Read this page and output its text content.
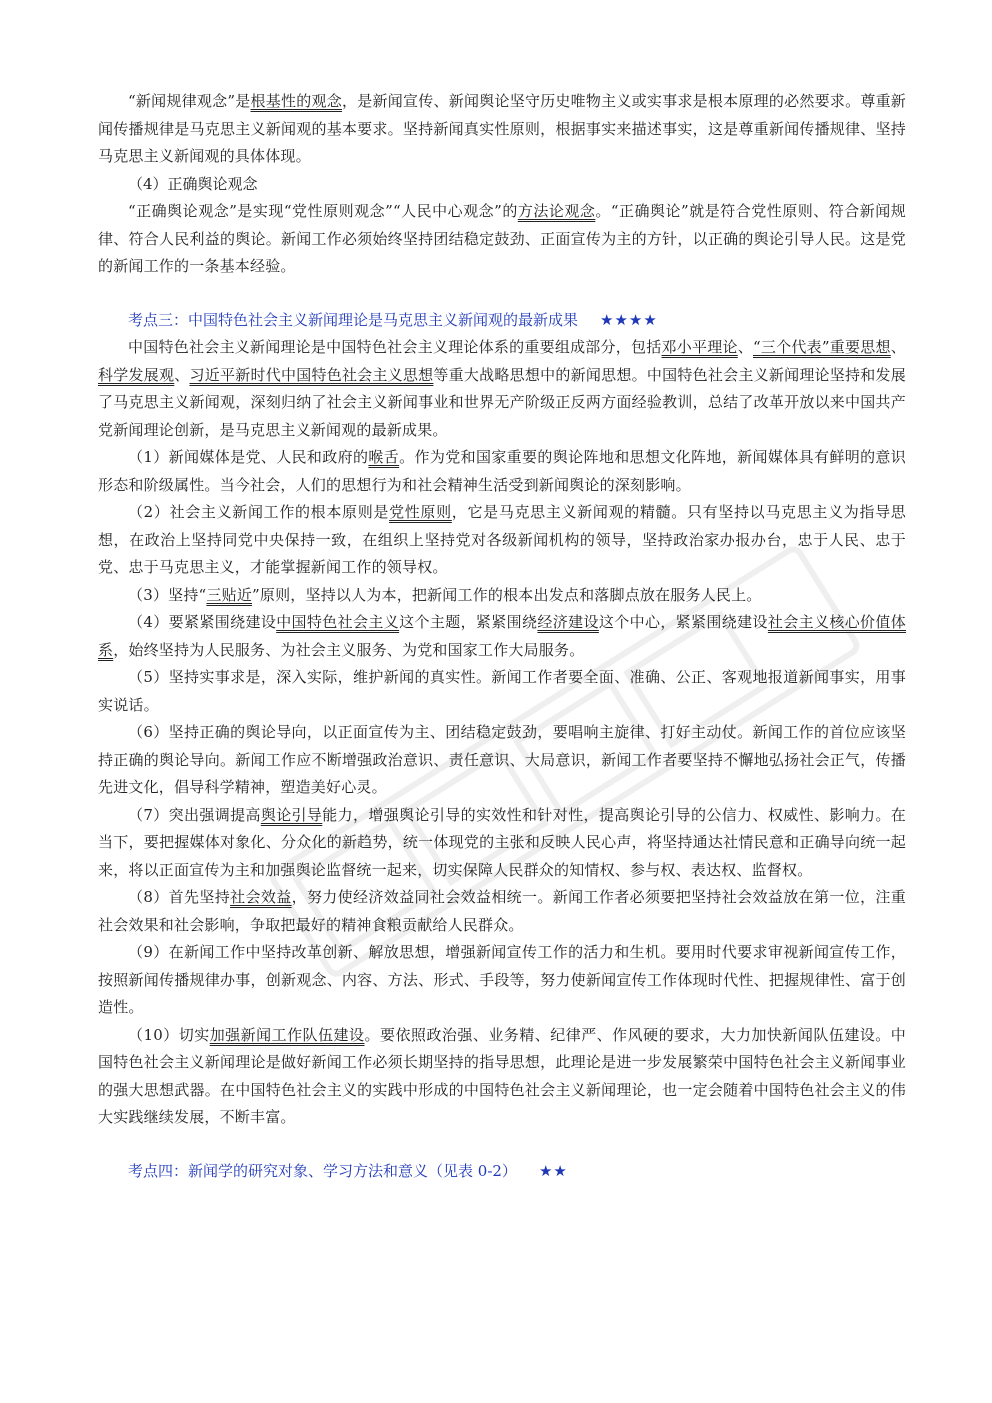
“新闻规律观念”是根基性的观念，是新闻宣传、新闻舆论坚守历史唯物主义或实事求是根本原理的必然要求。尊重新闻传播规律是马克思主义新闻观的基本要求。坚持新闻真实性原则，根据事实来描述事实，这是尊重新闻传播规律、坚持马克思主义新闻观的具体体现。

（4）正确舆论观念

“正确舆论观念”是实现“党性原则观念”“人民中心观念”的方法论观念。“正确舆论”就是符合党性原则、符合新闻规律、符合人民利益的舆论。新闻工作必须始终坚持团结稳定鼓劲、正面宣传为主的方针，以正确的舆论引导人民。这是党的新闻工作的一条基本经验。

考点三：中国特色社会主义新闻理论是马克思主义新闻观的最新成果 ★★★★

中国特色社会主义新闻理论是中国特色社会主义理论体系的重要组成部分，包括邓小平理论、“三个代表”重要思想、科学发展观、习近平新时代中国特色社会主义思想等重大战略思想中的新闻思想。中国特色社会主义新闻理论坚持和发展了马克思主义新闻观，深刻归纳了社会主义新闻事业和世界无产阶级正反两方面经验教训，总结了改革开放以来中国共产党新闻理论创新，是马克思主义新闻观的最新成果。

（1）新闻媒体是党、人民和政府的喉舌。作为党和国家重要的舆论阵地和思想文化阵地，新闻媒体具有鲜明的意识形态和阶级属性。当今社会，人们的思想行为和社会精神生活受到新闻舆论的深刻影响。

（2）社会主义新闻工作的根本原则是党性原则，它是马克思主义新闻观的精髓。只有坚持以马克思主义为指导思想，在政治上坚持同党中央保持一致，在组织上坚持党对各级新闻机构的领导，坚持政治家办报办台，忠于人民、忠于党、忠于马克思主义，才能掌握新闻工作的领导权。

（3）坚持“三贴近”原则，坚持以人为本，把新闻工作的根本出发点和落脚点放在服务人民上。

（4）要紧紧围绕建设中国特色社会主义这个主题，紧紧围绕经济建设这个中心，紧紧围绕建设社会主义核心价值体系，始终坚持为人民服务、为社会主义服务、为党和国家工作大局服务。

（5）坚持实事求是，深入实际，维护新闻的真实性。新闻工作者要全面、准确、公正、客观地报道新闻事实，用事实说话。

（6）坚持正确的舆论导向，以正面宣传为主、团结稳定鼓劲，要唱响主旋律、打好主动仗。新闻工作的首位应该坚持正确的舆论导向。新闻工作应不断增强政治意识、责任意识、大局意识，新闻工作者要坚持不懈地弘扬社会正气，传播先进文化，倡导科学精神，塑造美好心灵。

（7）突出强调提高舆论引导能力，增强舆论引导的实效性和针对性，提高舆论引导的公信力、权威性、影响力。在当下，要把握媒体对象化、分众化的新趋势，统一体现党的主张和反映人民心声，将坚持通达社情民意和正确导向统一起来，将以正面宣传为主和加强舆论监督统一起来，切实保障人民群众的知情权、参与权、表达权、监督权。

（8）首先坚持社会效益，努力使经济效益同社会效益相统一。新闻工作者必须要把坚持社会效益放在第一位，注重社会效果和社会影响，争取把最好的精神食粮贡献给人民群众。

（9）在新闻工作中坚持改革创新、解放思想，增强新闻宣传工作的活力和生机。要用时代要求审视新闻宣传工作，按照新闻传播规律办事，创新观念、内容、方法、形式、手段等，努力使新闻宣传工作体现时代性、把握规律性、富于创造性。

（10）切实加强新闻工作队伍建设。要依照政治强、业务精、纪律严、作风硬的要求，大力加快新闻队伍建设。中国特色社会主义新闻理论是做好新闻工作必须长期坚持的指导思想，此理论是进一步发展繁荣中国特色社会主义新闻事业的强大思想武器。在中国特色社会主义的实践中形成的中国特色社会主义新闻理论，也一定会随着中国特色社会主义的伟大实践继续发展，不断丰富。

考点四：新闻学的研究对象、学习方法和意义（见表 0-2） ★★
